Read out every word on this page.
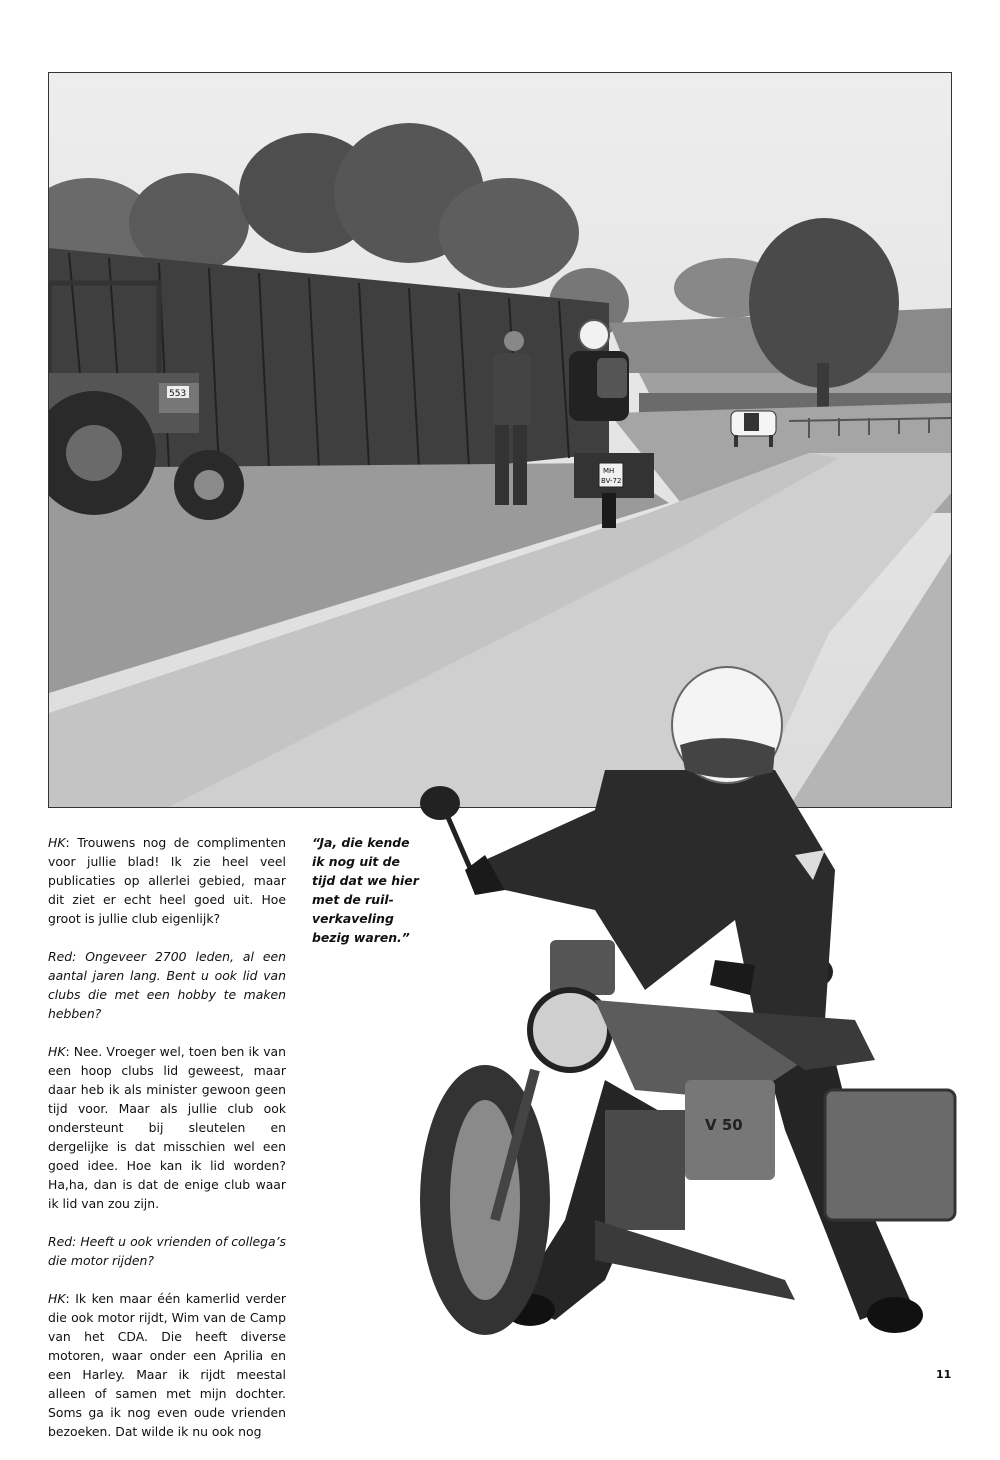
553
MH
BV-72
V 50

HK: Trouwens nog de complimenten voor jullie blad! Ik zie heel veel publicaties op allerlei gebied, maar dit ziet er echt heel goed uit. Hoe groot is jullie club eigenlijk?

Red: Ongeveer 2700 leden, al een aantal jaren lang. Bent u ook lid van clubs die met een hobby te maken hebben?

HK: Nee. Vroeger wel, toen ben ik van een hoop clubs lid geweest, maar daar heb ik als minister gewoon geen tijd voor. Maar als jullie club ook ondersteunt bij sleutelen en dergelijke is dat misschien wel een goed idee. Hoe kan ik lid worden? Ha,ha, dan is dat de enige club waar ik lid van zou zijn.

Red: Heeft u ook vrienden of collega’s die motor rijden?

HK: Ik ken maar één kamerlid verder die ook motor rijdt, Wim van de Camp van het CDA. Die heeft diverse motoren, waar onder een Aprilia en een Harley. Maar ik rijdt meestal alleen of samen met mijn dochter. Soms ga ik nog even oude vrienden bezoeken. Dat wilde ik nu ook nog

“Ja, die kende ik nog uit de tijd dat we hier met de ruilverkaveling bezig waren.”
11
